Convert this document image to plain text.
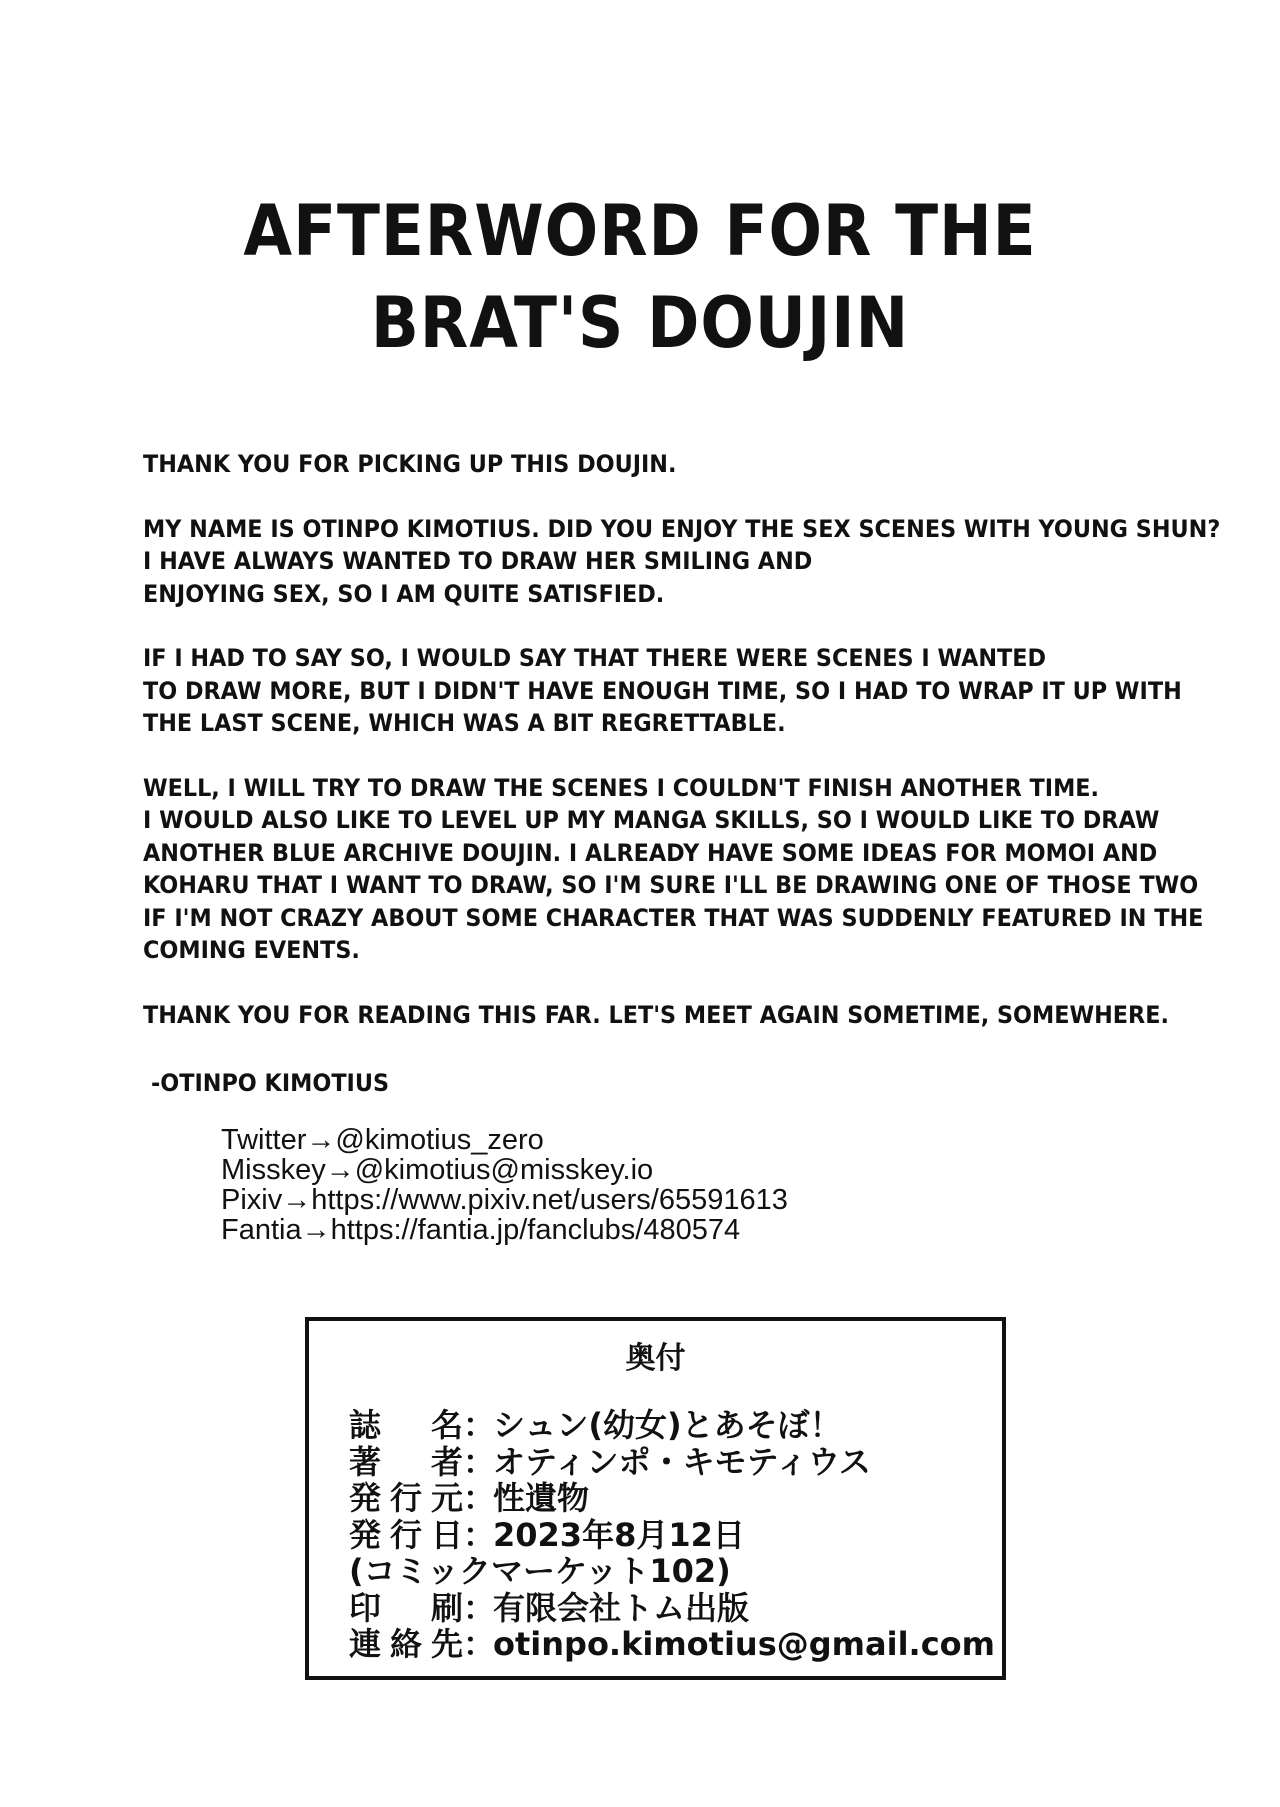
AFTERWORD FOR THE
BRAT'S DOUJIN

THANK YOU FOR PICKING UP THIS DOUJIN.

MY NAME IS OTINPO KIMOTIUS. DID YOU ENJOY THE SEX SCENES WITH YOUNG SHUN?
I HAVE ALWAYS WANTED TO DRAW HER SMILING AND
ENJOYING SEX, SO I AM QUITE SATISFIED.

IF I HAD TO SAY SO, I WOULD SAY THAT THERE WERE SCENES I WANTED
TO DRAW MORE, BUT I DIDN'T HAVE ENOUGH TIME, SO I HAD TO WRAP IT UP WITH
THE LAST SCENE, WHICH WAS A BIT REGRETTABLE.

WELL, I WILL TRY TO DRAW THE SCENES I COULDN'T FINISH ANOTHER TIME.
I WOULD ALSO LIKE TO LEVEL UP MY MANGA SKILLS, SO I WOULD LIKE TO DRAW
ANOTHER BLUE ARCHIVE DOUJIN. I ALREADY HAVE SOME IDEAS FOR MOMOI AND
KOHARU THAT I WANT TO DRAW, SO I'M SURE I'LL BE DRAWING ONE OF THOSE TWO
IF I'M NOT CRAZY ABOUT SOME CHARACTER THAT WAS SUDDENLY FEATURED IN THE
COMING EVENTS.

THANK YOU FOR READING THIS FAR. LET'S MEET AGAIN SOMETIME, SOMEWHERE.

-OTINPO KIMOTIUS
Twitter→@kimotius_zero
Misskey→@kimotius@misskey.io
Pixiv→https://www.pixiv.net/users/65591613
Fantia→https://fantia.jp/fanclubs/480574
奥付
誌名：シュン(幼女)とあそぼ！
著者：オティンポ・キモティウス
発行元：性遺物
発行日：2023年8月12日
(コミックマーケット102)
印刷：有限会社トム出版
連絡先：otinpo.kimotius@gmail.com
